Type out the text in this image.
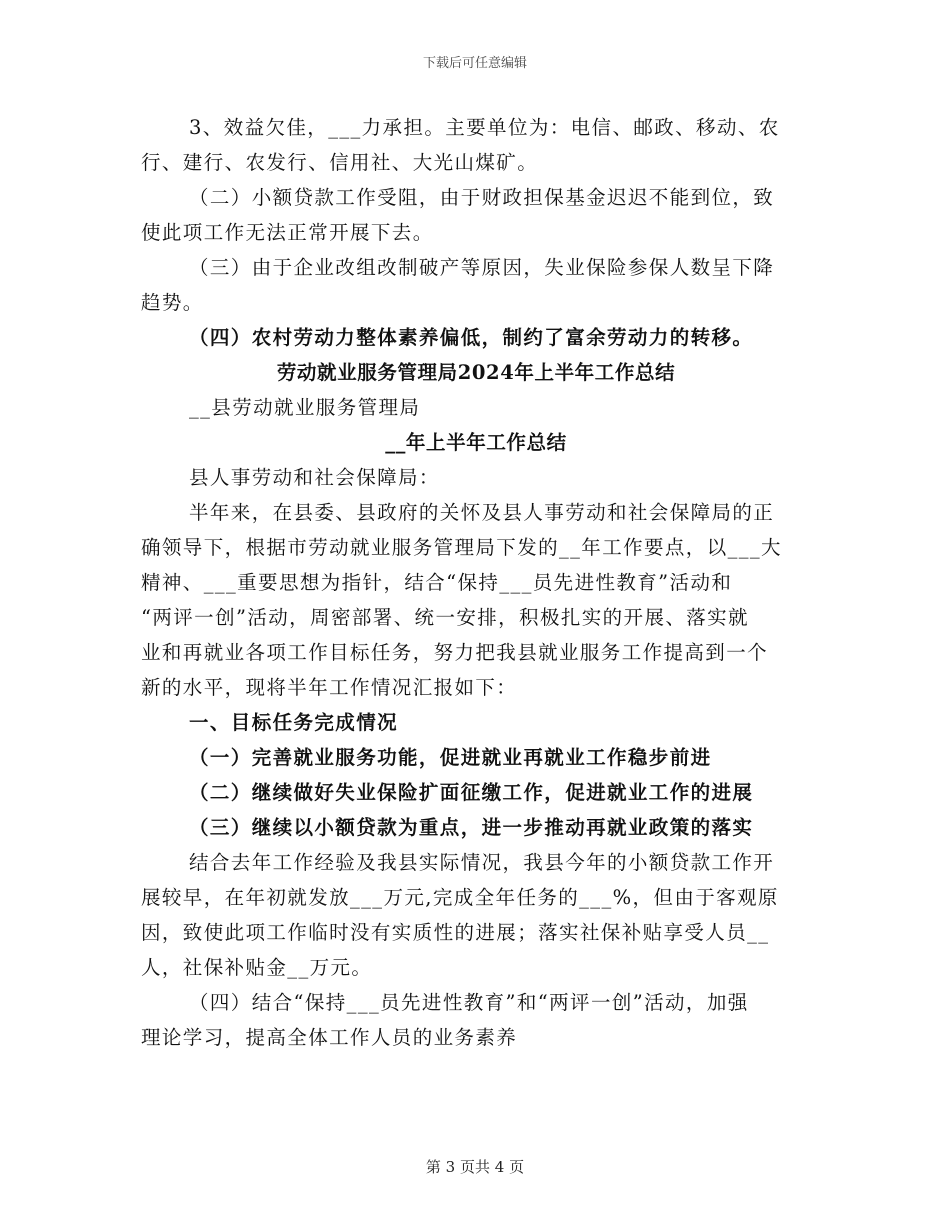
下载后可任意编辑

3、效益欠佳，___力承担。主要单位为：电信、邮政、移动、农

行、建行、农发行、信用社、大光山煤矿。

（二）小额贷款工作受阻，由于财政担保基金迟迟不能到位，致

使此项工作无法正常开展下去。

（三）由于企业改组改制破产等原因，失业保险参保人数呈下降

趋势。

（四）农村劳动力整体素养偏低，制约了富余劳动力的转移。

劳动就业服务管理局2024年上半年工作总结

__县劳动就业服务管理局

__年上半年工作总结

县人事劳动和社会保障局：

半年来，在县委、县政府的关怀及县人事劳动和社会保障局的正

确领导下，根据市劳动就业服务管理局下发的__年工作要点，以___大

精神、___重要思想为指针，结合“保持___员先进性教育”活动和

“两评一创”活动，周密部署、统一安排，积极扎实的开展、落实就

业和再就业各项工作目标任务，努力把我县就业服务工作提高到一个

新的水平，现将半年工作情况汇报如下：

一、目标任务完成情况

（一）完善就业服务功能，促进就业再就业工作稳步前进

（二）继续做好失业保险扩面征缴工作，促进就业工作的进展

（三）继续以小额贷款为重点，进一步推动再就业政策的落实

结合去年工作经验及我县实际情况，我县今年的小额贷款工作开

展较早，在年初就发放___万元,完成全年任务的___%，但由于客观原

因，致使此项工作临时没有实质性的进展；落实社保补贴享受人员__

人，社保补贴金__万元。

（四）结合“保持___员先进性教育”和“两评一创”活动，加强

理论学习，提高全体工作人员的业务素养

第 3 页共 4 页
